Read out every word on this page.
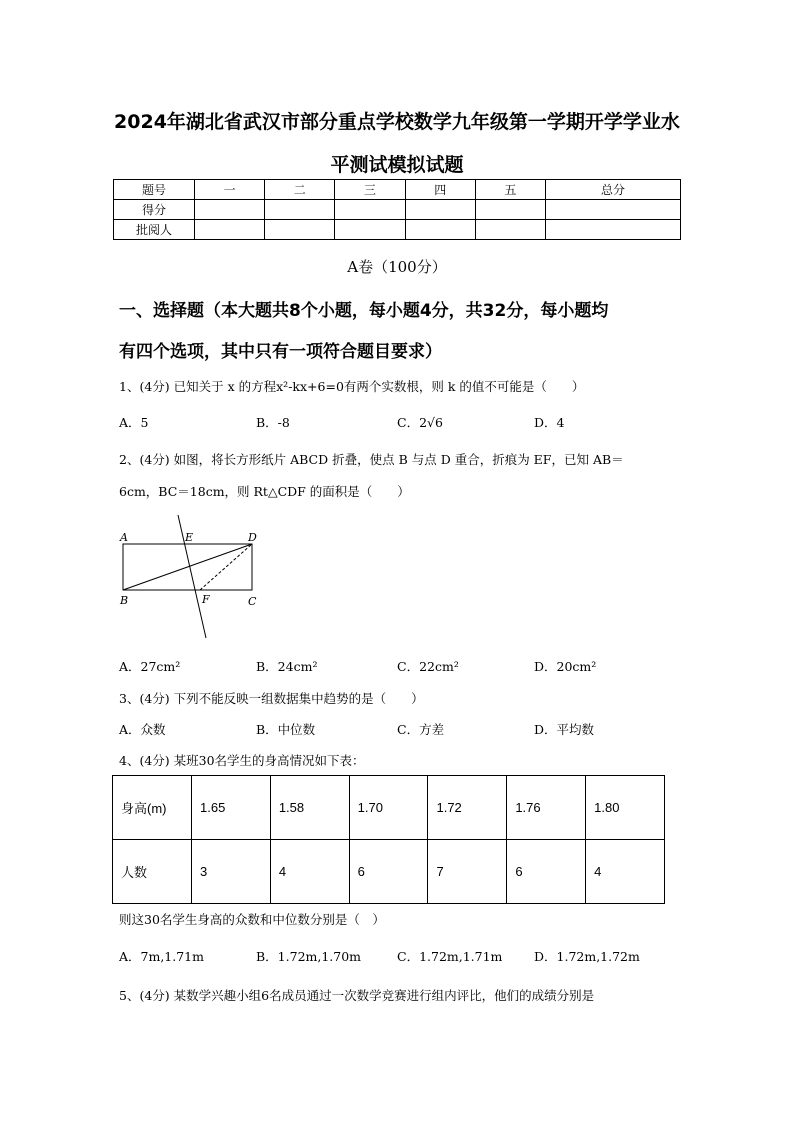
2024年湖北省武汉市部分重点学校数学九年级第一学期开学学业水
平测试模拟试题
题号	一	二	三	四	五	总分
得分						
批阅人						
A卷（100分）
一、选择题（本大题共8个小题，每小题4分，共32分，每小题均
有四个选项，其中只有一项符合题目要求）
1、(4分) 已知关于 x 的方程x²-kx+6=0有两个实数根，则 k 的值不可能是（　　）
A．5	B．-8	C．2√6	D．4
2、(4分) 如图，将长方形纸片 ABCD 折叠，使点 B 与点 D 重合，折痕为 EF，已知 AB＝
6cm，BC＝18cm，则 Rt△CDF 的面积是（　　）
A	E	D
B	F	C
A．27cm²	B．24cm²	C．22cm²	D．20cm²
3、(4分) 下列不能反映一组数据集中趋势的是（　　）
A．众数	B．中位数	C．方差	D．平均数
4、(4分) 某班30名学生的身高情况如下表：
身高(m)	1.65	1.58	1.70	1.72	1.76	1.80
人数	3	4	6	7	6	4
则这30名学生身高的众数和中位数分别是（　）
A．7m,1.71m	B．1.72m,1.70m	C．1.72m,1.71m	D．1.72m,1.72m
5、(4分) 某数学兴趣小组6名成员通过一次数学竞赛进行组内评比，他们的成绩分别是
